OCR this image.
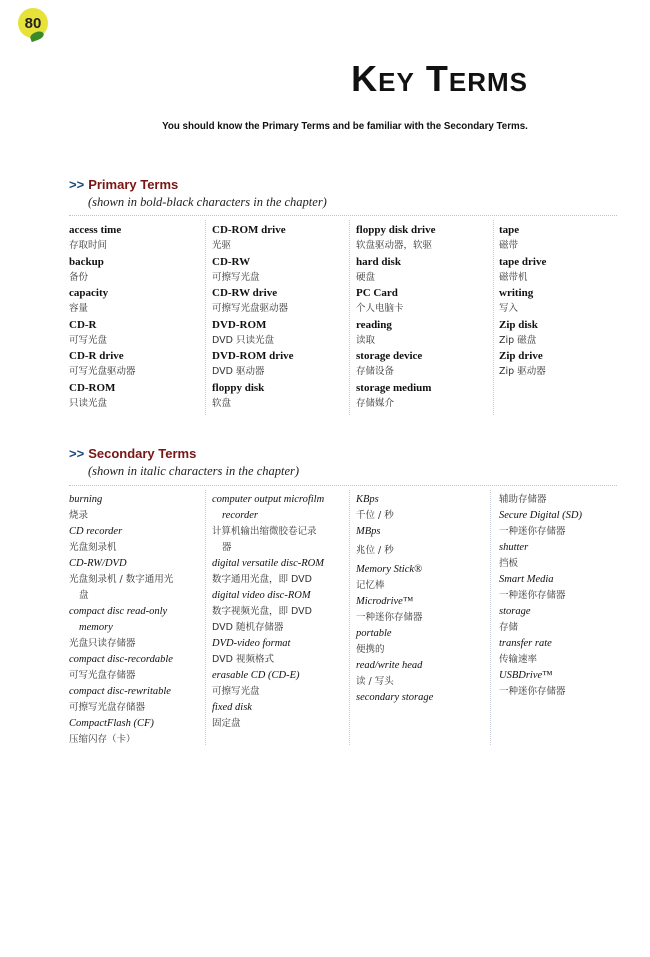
80
KEY TERMS
You should know the Primary Terms and be familiar with the Secondary Terms.
>> Primary Terms
(shown in bold-black characters in the chapter)
access time
存取时间
backup
备份
capacity
容量
CD-R
可写光盘
CD-R drive
可写光盘驱动器
CD-ROM
只读光盘
CD-ROM drive
光驱
CD-RW
可擦写光盘
CD-RW drive
可擦写光盘驱动器
DVD-ROM
DVD 只读光盘
DVD-ROM drive
DVD 驱动器
floppy disk
软盘
floppy disk drive
软盘驱动器，软驱
hard disk
硬盘
PC Card
个人电脑卡
reading
读取
storage device
存储设备
storage medium
存储媒介
tape
磁带
tape drive
磁带机
writing
写入
Zip disk
Zip 磁盘
Zip drive
Zip 驱动器
>> Secondary Terms
(shown in italic characters in the chapter)
burning
烧录
CD recorder
光盘刻录机
CD-RW/DVD
光盘刻录机 / 数字通用光
盘
compact disc read-only
memory
光盘只读存储器
compact disc-recordable
可写光盘存储器
compact disc-rewritable
可擦写光盘存储器
CompactFlash (CF)
压缩闪存（卡）
computer output microfilm
recorder
计算机输出缩微胶卷记录
器
digital versatile disc-ROM
数字通用光盘，即 DVD
digital video disc-ROM
数字视频光盘，即 DVD
DVD 随机存储器
DVD-video format
DVD 视频格式
erasable CD (CD-E)
可擦写光盘
fixed disk
固定盘
KBps
千位 / 秒
MBps
兆位 / 秒
Memory Stick®
记忆棒
Microdrive™
一种迷你存储器
portable
便携的
read/write head
读 / 写头
secondary storage
辅助存储器
Secure Digital (SD)
一种迷你存储器
shutter
挡板
Smart Media
一种迷你存储器
storage
存储
transfer rate
传输速率
USBDrive™
一种迷你存储器
